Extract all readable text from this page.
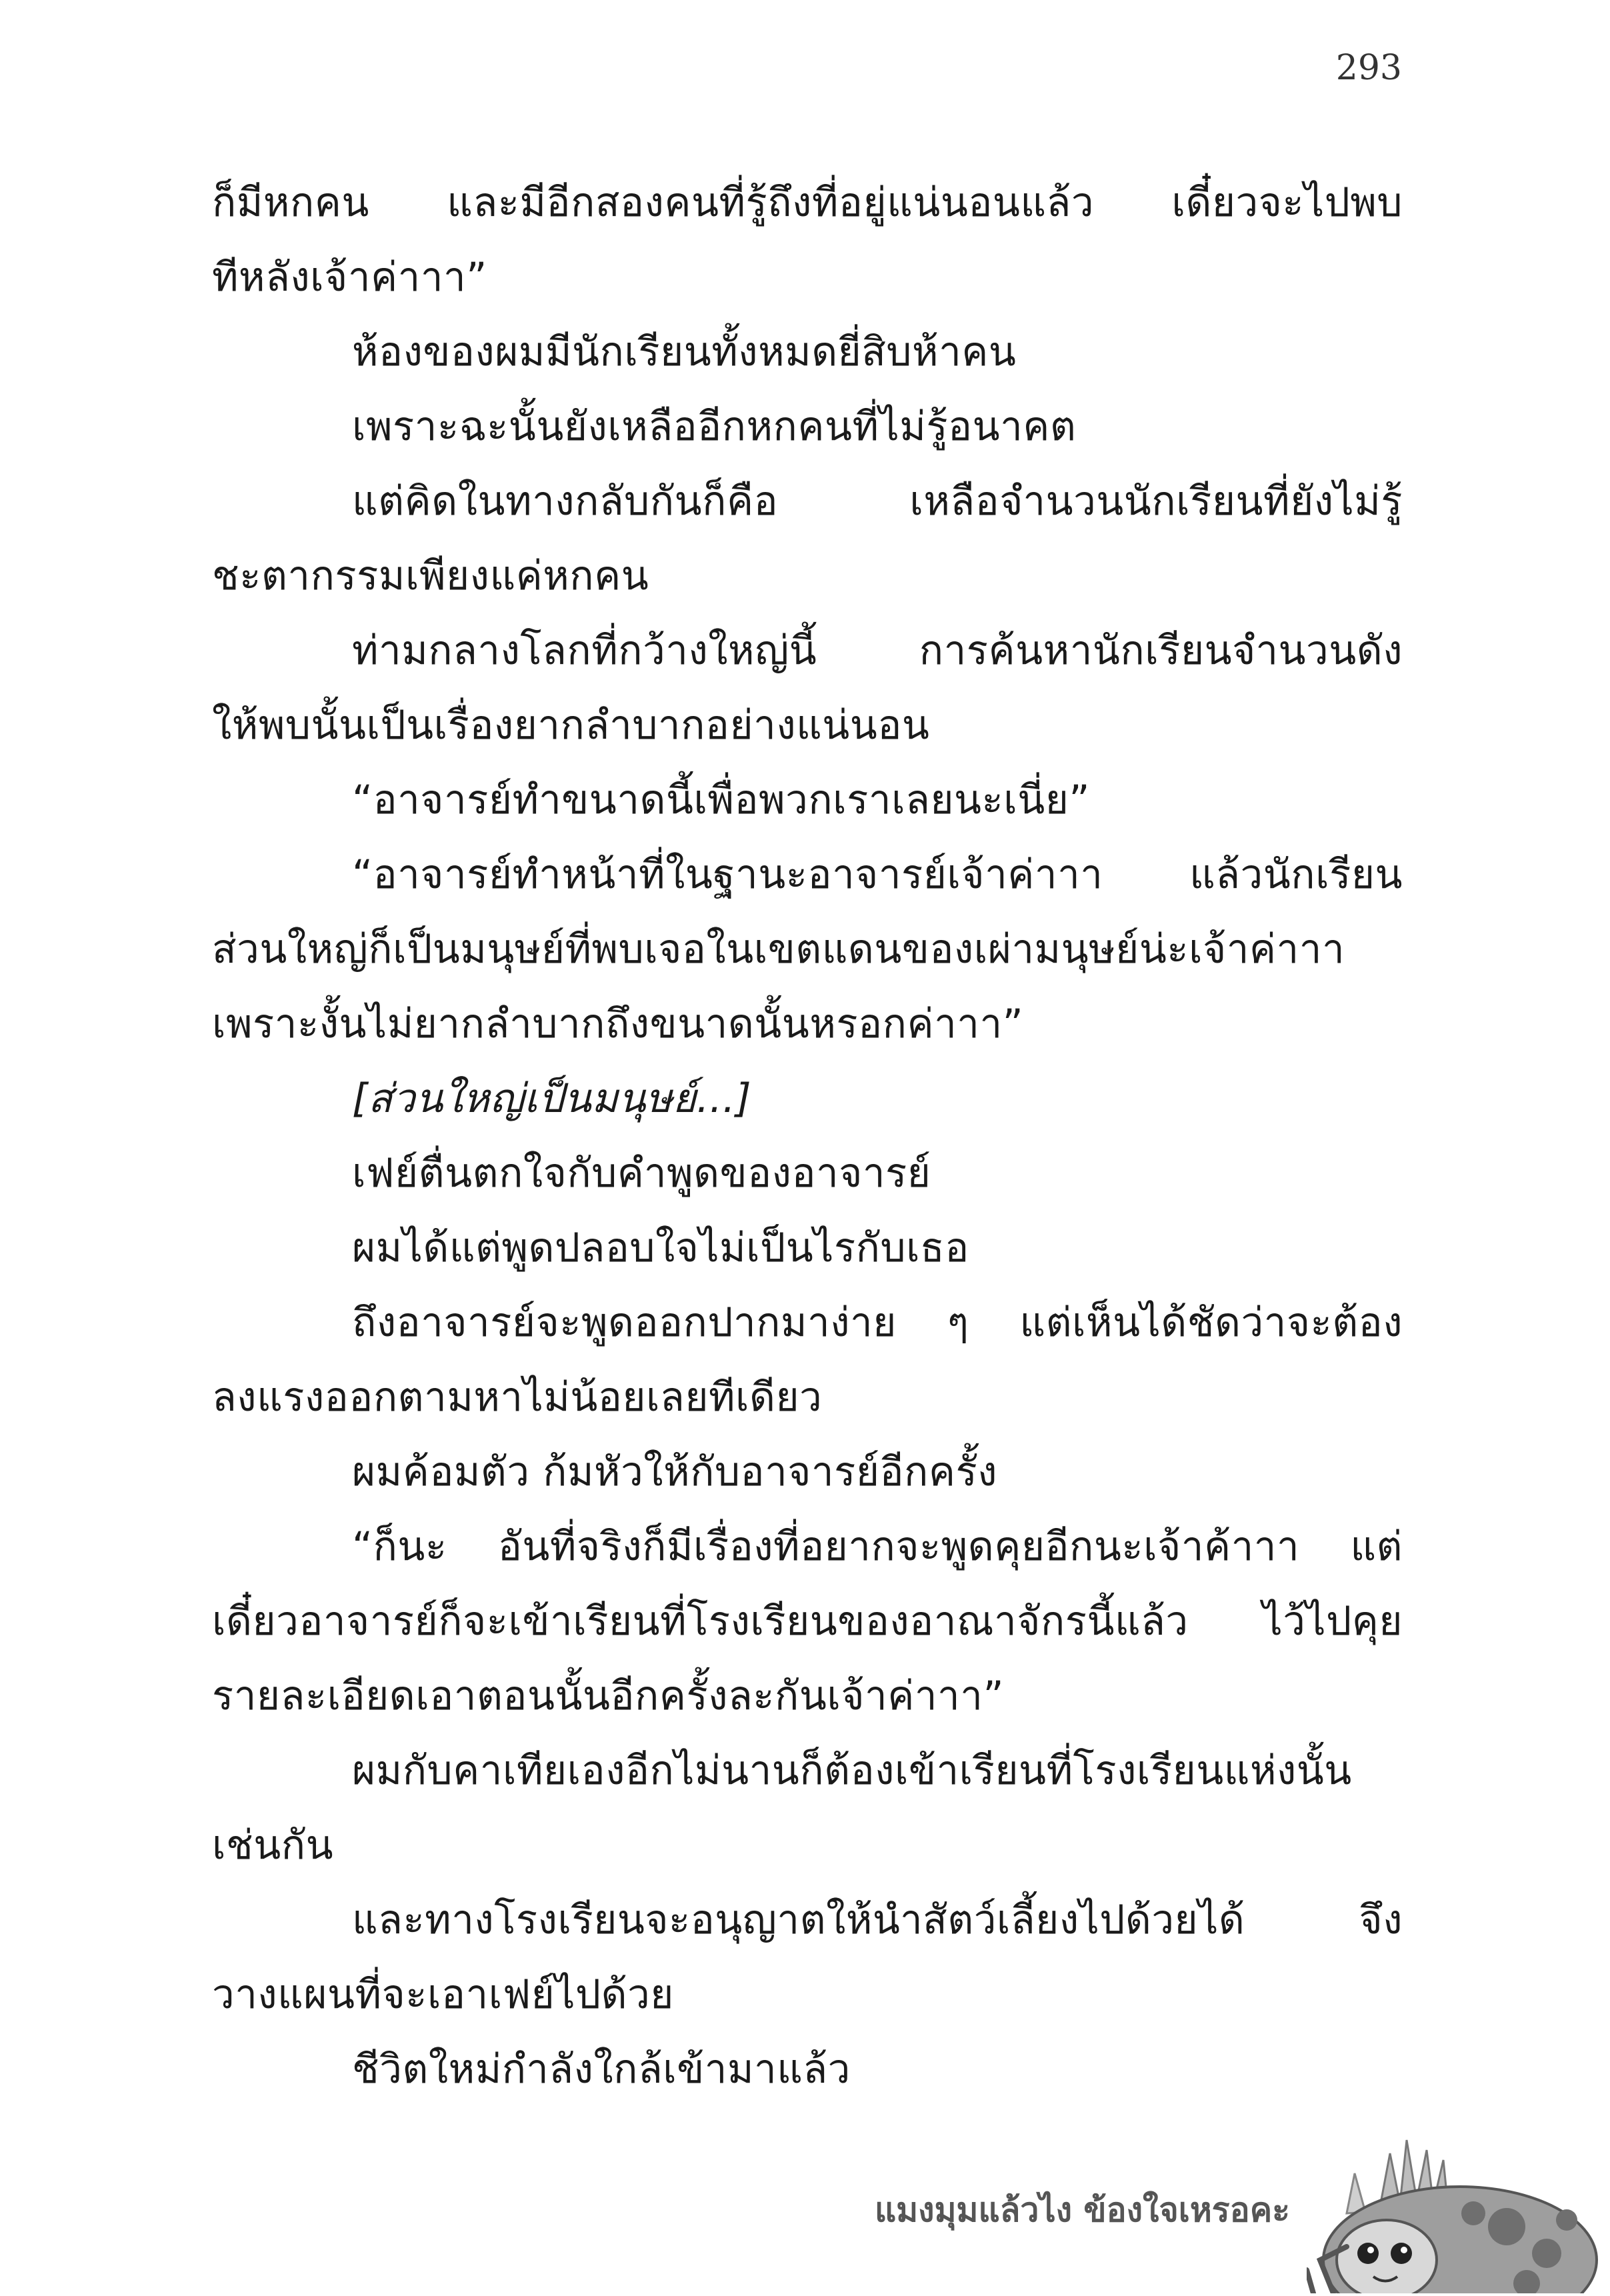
293
ก็มีหกคน และมีอีกสองคนที่รู้ถึงที่อยู่แน่นอนแล้ว เดี๋ยวจะไปพบ
ทีหลังเจ้าค่าาา”
ห้องของผมมีนักเรียนทั้งหมดยี่สิบห้าคน
เพราะฉะนั้นยังเหลืออีกหกคนที่ไม่รู้อนาคต
แต่คิดในทางกลับกันก็คือ เหลือจำนวนนักเรียนที่ยังไม่รู้
ชะตากรรมเพียงแค่หกคน
ท่ามกลางโลกที่กว้างใหญ่นี้ การค้นหานักเรียนจำนวนดัง
ให้พบนั้นเป็นเรื่องยากลำบากอย่างแน่นอน
“อาจารย์ทำขนาดนี้เพื่อพวกเราเลยนะเนี่ย”
“อาจารย์ทำหน้าที่ในฐานะอาจารย์เจ้าค่าาา แล้วนักเรียน
ส่วนใหญ่ก็เป็นมนุษย์ที่พบเจอในเขตแดนของเผ่ามนุษย์น่ะเจ้าค่าาา
เพราะงั้นไม่ยากลำบากถึงขนาดนั้นหรอกค่าาา”
[ส่วนใหญ่เป็นมนุษย์...]
เฟย์ตื่นตกใจกับคำพูดของอาจารย์
ผมได้แต่พูดปลอบใจไม่เป็นไรกับเธอ
ถึงอาจารย์จะพูดออกปากมาง่าย ๆ แต่เห็นได้ชัดว่าจะต้อง
ลงแรงออกตามหาไม่น้อยเลยทีเดียว
ผมค้อมตัว ก้มหัวให้กับอาจารย์อีกครั้ง
“ก็นะ อันที่จริงก็มีเรื่องที่อยากจะพูดคุยอีกนะเจ้าค้าาา แต่
เดี๋ยวอาจารย์ก็จะเข้าเรียนที่โรงเรียนของอาณาจักรนี้แล้ว ไว้ไปคุย
รายละเอียดเอาตอนนั้นอีกครั้งละกันเจ้าค่าาา”
ผมกับคาเทียเองอีกไม่นานก็ต้องเข้าเรียนที่โรงเรียนแห่งนั้น
เช่นกัน
และทางโรงเรียนจะอนุญาตให้นำสัตว์เลี้ยงไปด้วยได้ จึง
วางแผนที่จะเอาเฟย์ไปด้วย
ชีวิตใหม่กำลังใกล้เข้ามาแล้ว
แมงมุมแล้วไง ข้องใจเหรอคะ
